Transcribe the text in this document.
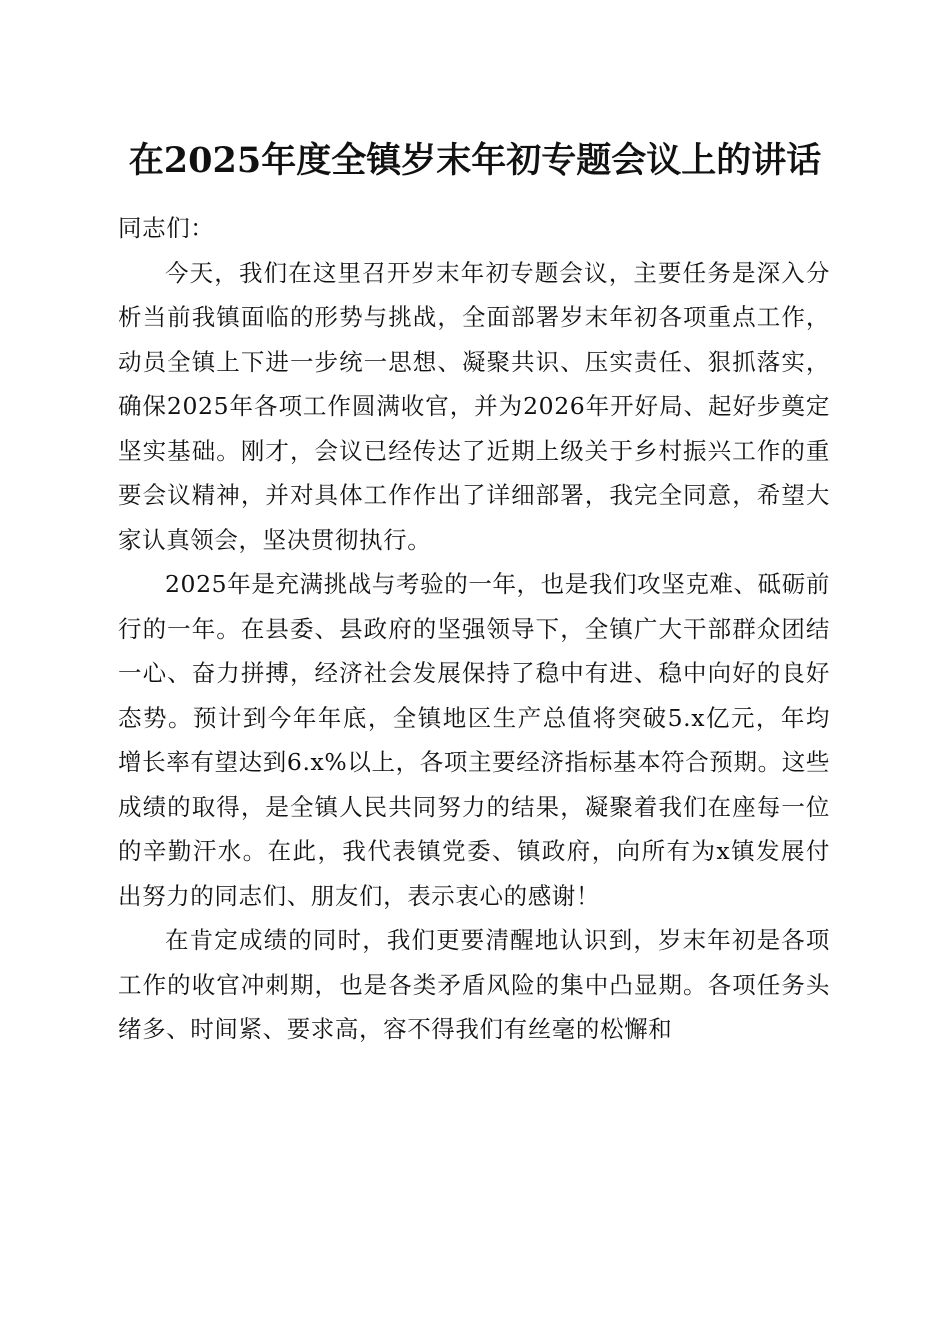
在2025年度全镇岁末年初专题会议上的讲话

同志们：

今天，我们在这里召开岁末年初专题会议，主要任务是深入分析当前我镇面临的形势与挑战，全面部署岁末年初各项重点工作，动员全镇上下进一步统一思想、凝聚共识、压实责任、狠抓落实，确保2025年各项工作圆满收官，并为2026年开好局、起好步奠定坚实基础。刚才，会议已经传达了近期上级关于乡村振兴工作的重要会议精神，并对具体工作作出了详细部署，我完全同意，希望大家认真领会，坚决贯彻执行。

2025年是充满挑战与考验的一年，也是我们攻坚克难、砥砺前行的一年。在县委、县政府的坚强领导下，全镇广大干部群众团结一心、奋力拼搏，经济社会发展保持了稳中有进、稳中向好的良好态势。预计到今年年底，全镇地区生产总值将突破5.x亿元，年均增长率有望达到6.x%以上，各项主要经济指标基本符合预期。这些成绩的取得，是全镇人民共同努力的结果，凝聚着我们在座每一位的辛勤汗水。在此，我代表镇党委、镇政府，向所有为x镇发展付出努力的同志们、朋友们，表示衷心的感谢！

在肯定成绩的同时，我们更要清醒地认识到，岁末年初是各项工作的收官冲刺期，也是各类矛盾风险的集中凸显期。各项任务头绪多、时间紧、要求高，容不得我们有丝毫的松懈和
